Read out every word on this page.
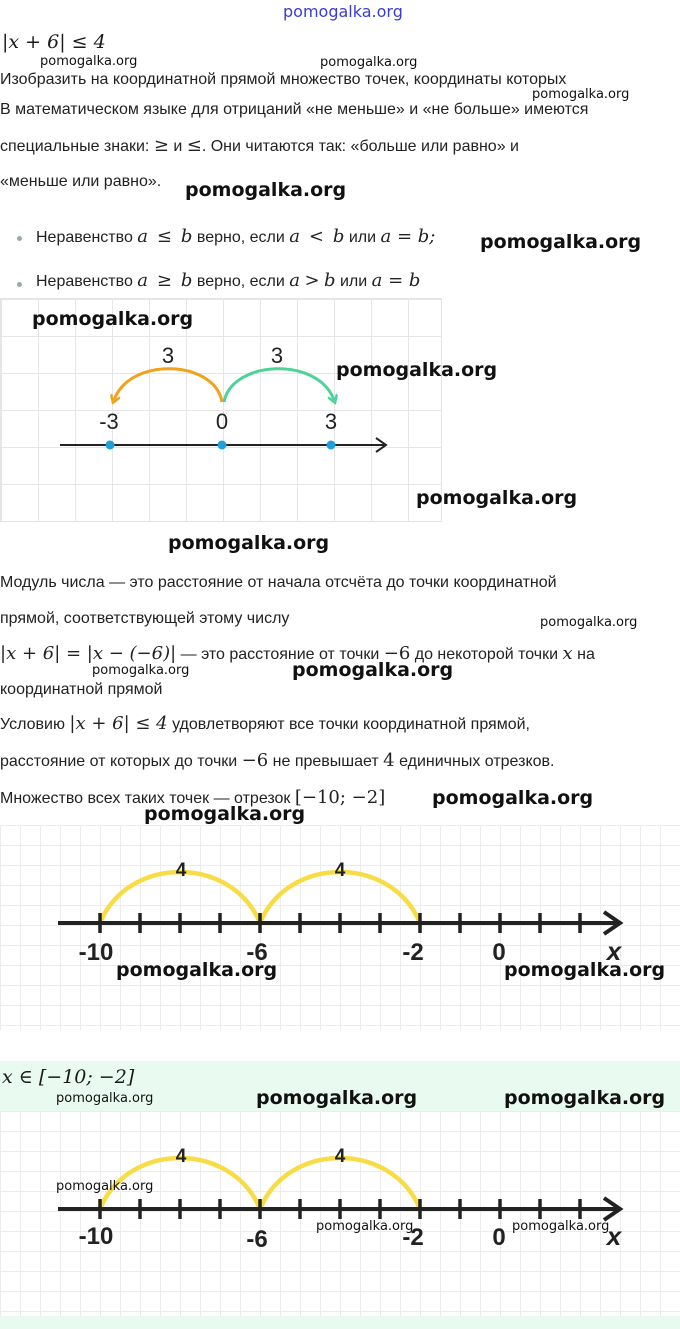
pomogalka.org
|x + 6| ≤ 4
pomogalka.org	pomogalka.org
Изобразить на координатной прямой множество точек, координаты которых
pomogalka.org
В математическом языке для отрицаний «не меньше» и «не больше» имеются
специальные знаки: ≥ и ≤. Они читаются так: «больше или равно» и
«меньше или равно». pomogalka.org
Неравенство a ≤ b верно, если a < b или a = b; pomogalka.org
Неравенство a ≥ b верно, если a > b или a = b
3	3
-3	0	3
pomogalka.org
pomogalka.org
pomogalka.org
pomogalka.org
Модуль числа — это расстояние от начала отсчёта до точки координатной
прямой, соответствующей этому числу	pomogalka.org
|x + 6| = |x − (−6)| — это расстояние от точки −6 до некоторой точки x на
pomogalka.org	pomogalka.org
координатной прямой
Условию |x + 6| ≤ 4 удовлетворяют все точки координатной прямой,
расстояние от которых до точки −6 не превышает 4 единичных отрезков.
Множество всех таких точек — отрезок [−10; −2] pomogalka.org
pomogalka.org
4	4
-10	-6	-2	0	x
pomogalka.org	pomogalka.org
x ∈ [−10; −2]
pomogalka.org	pomogalka.org	pomogalka.org
4	4
-10	-6	-2	0	x
pomogalka.org
pomogalka.org	pomogalka.org
